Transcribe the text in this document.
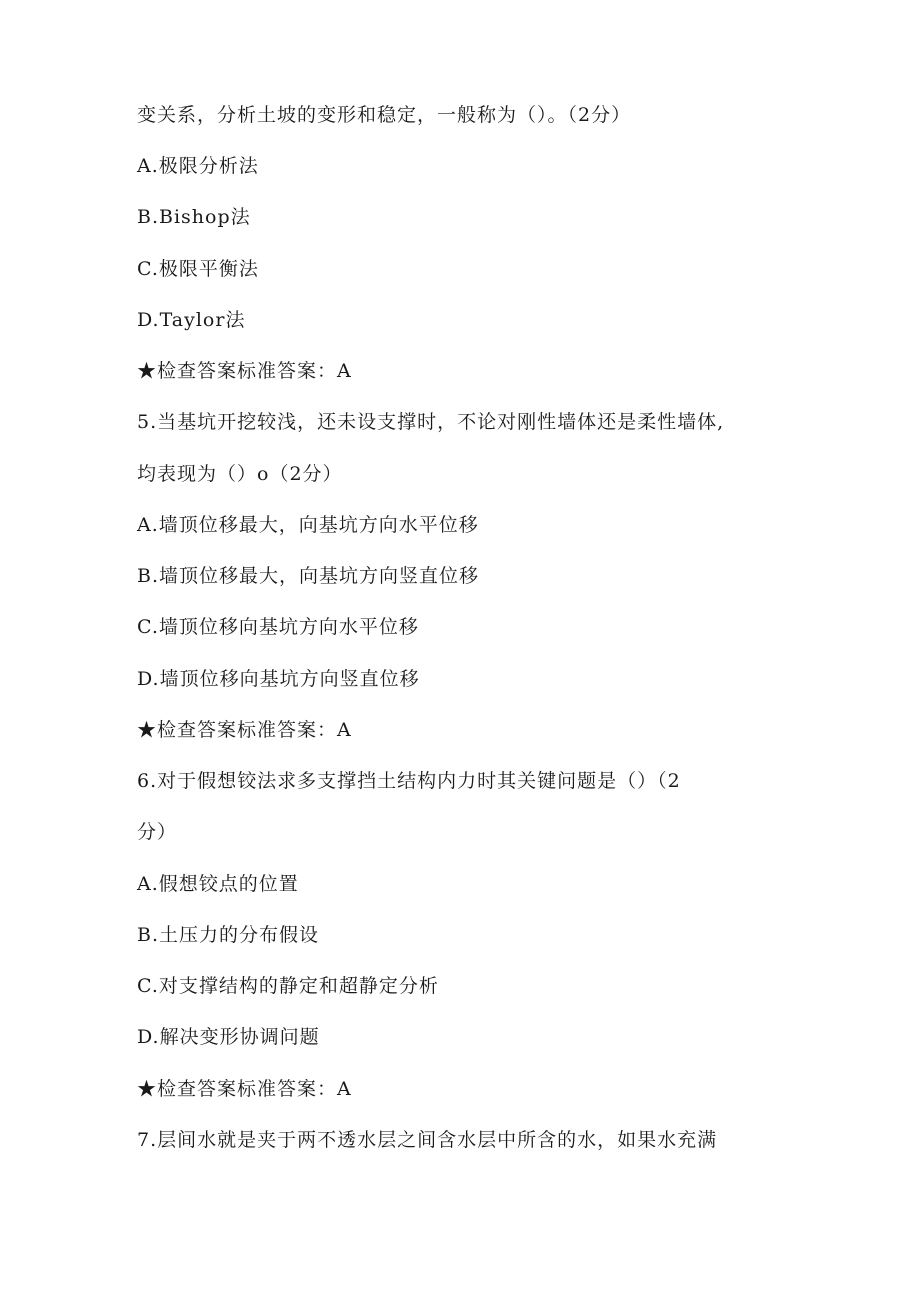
变关系，分析土坡的变形和稳定，一般称为（）。（2分）
A.极限分析法
B.Bishop法
C.极限平衡法
D.Taylor法
★检查答案标准答案：A
5.当基坑开挖较浅，还未设支撑时，不论对刚性墙体还是柔性墙体,
均表现为（）o（2分）
A.墙顶位移最大，向基坑方向水平位移
B.墙顶位移最大，向基坑方向竖直位移
C.墙顶位移向基坑方向水平位移
D.墙顶位移向基坑方向竖直位移
★检查答案标准答案：A
6.对于假想铰法求多支撑挡土结构内力时其关键问题是（）（2
分）
A.假想铰点的位置
B.土压力的分布假设
C.对支撑结构的静定和超静定分析
D.解决变形协调问题
★检查答案标准答案：A
7.层间水就是夹于两不透水层之间含水层中所含的水，如果水充满
